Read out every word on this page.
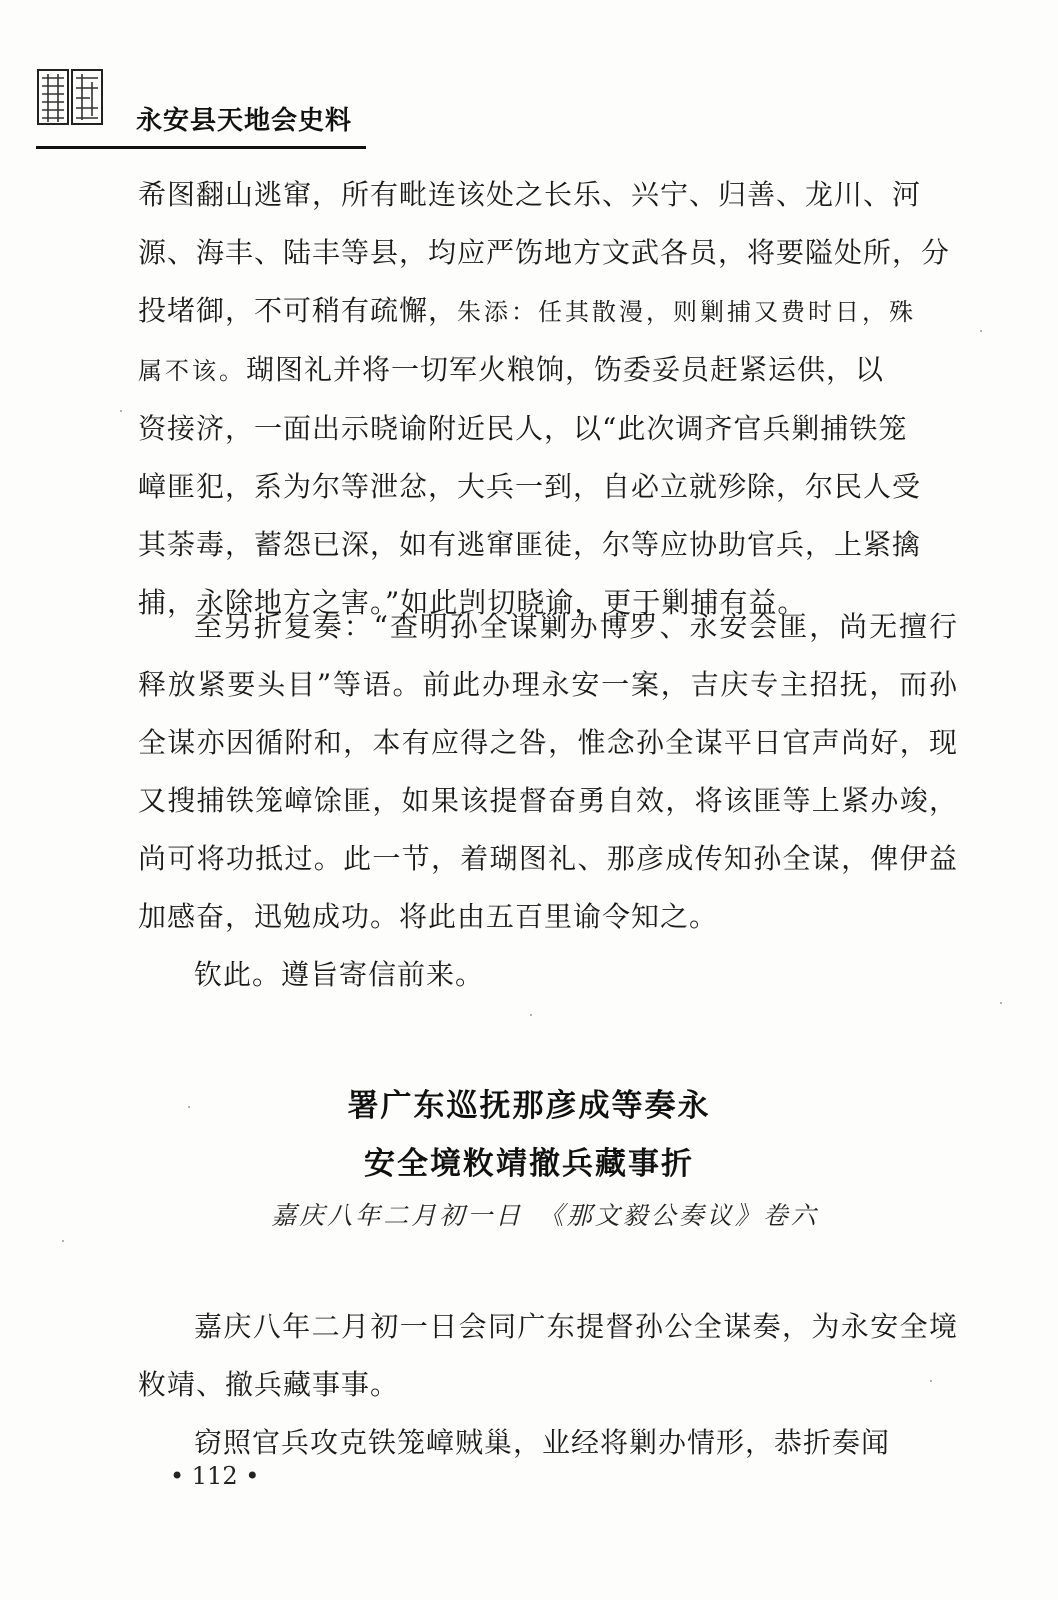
永安县天地会史料

希图翻山逃窜，所有毗连该处之长乐、兴宁、归善、龙川、河

源、海丰、陆丰等县，均应严饬地方文武各员，将要隘处所，分

投堵御，不可稍有疏懈，朱添：任其散漫，则剿捕又费时日，殊

属不该。瑚图礼并将一切军火粮饷，饬委妥员赶紧运供，以

资接济，一面出示晓谕附近民人，以“此次调齐官兵剿捕铁笼

嶂匪犯，系为尔等泄忿，大兵一到，自必立就殄除，尔民人受

其荼毒，蓄怨已深，如有逃窜匪徒，尔等应协助官兵，上紧擒

捕，永除地方之害。”如此剀切晓谕，更于剿捕有益。

至另折复奏：“查明孙全谋剿办博罗、永安会匪，尚无擅行释放紧要头目”等语。前此办理永安一案，吉庆专主招抚，而孙全谋亦因循附和，本有应得之咎，惟念孙全谋平日官声尚好，现又搜捕铁笼嶂馀匪，如果该提督奋勇自效，将该匪等上紧办竣，尚可将功抵过。此一节，着瑚图礼、那彦成传知孙全谋，俾伊益加感奋，迅勉成功。将此由五百里谕令知之。

钦此。遵旨寄信前来。

署广东巡抚那彦成等奏永
安全境敉靖撤兵藏事折
嘉庆八年二月初一日　《那文毅公奏议》卷六

嘉庆八年二月初一日会同广东提督孙公全谋奏，为永安全境敉靖、撤兵藏事事。

窃照官兵攻克铁笼嶂贼巢，业经将剿办情形，恭折奏闻

• 112 •
